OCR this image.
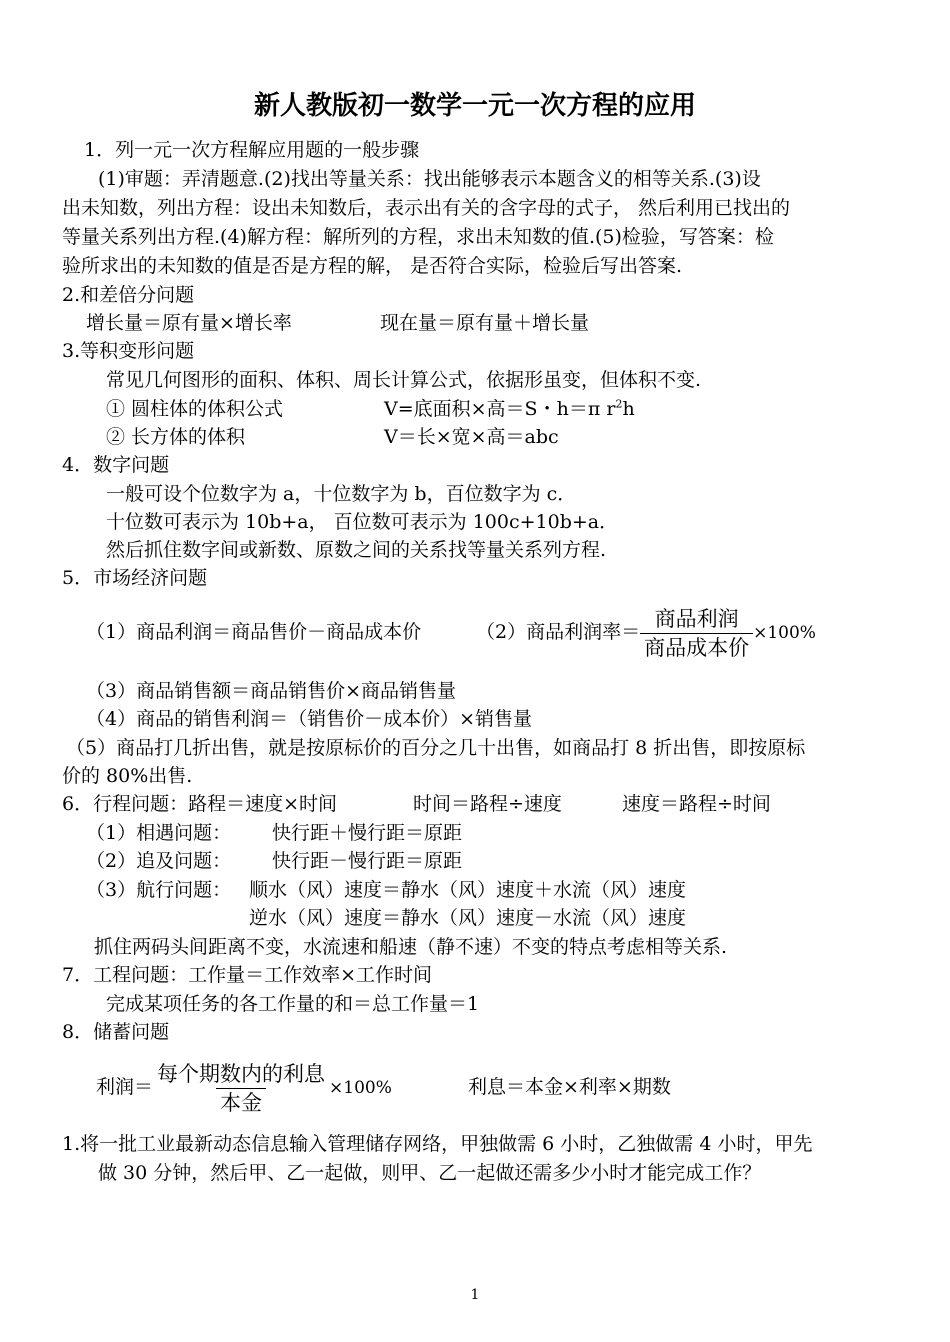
新人教版初一数学一元一次方程的应用
1．列一元一次方程解应用题的一般步骤
(1)审题：弄清题意.(2)找出等量关系：找出能够表示本题含义的相等关系.(3)设
出未知数，列出方程：设出未知数后，表示出有关的含字母的式子， 然后利用已找出的
等量关系列出方程.(4)解方程：解所列的方程，求出未知数的值.(5)检验，写答案：检
验所求出的未知数的值是否是方程的解， 是否符合实际，检验后写出答案.
2.和差倍分问题
增长量＝原有量×增长率	现在量＝原有量＋增长量
3.等积变形问题
常见几何图形的面积、体积、周长计算公式，依据形虽变，但体积不变.
① 圆柱体的体积公式	V=底面积×高＝S・h＝π $r^2h$
② 长方体的体积	V＝长×宽×高＝abc
4．数字问题
一般可设个位数字为 a，十位数字为 b，百位数字为 c．
十位数可表示为 10b+a， 百位数可表示为 100c+10b+a．
然后抓住数字间或新数、原数之间的关系找等量关系列方程.
5．市场经济问题
（1）商品利润＝商品售价－商品成本价	（2）商品利润率＝ $\frac{\text{商品利润}}{\text{商品成本价}} \times 100\%$
（3）商品销售额＝商品销售价×商品销售量
（4）商品的销售利润＝（销售价－成本价）×销售量
（5）商品打几折出售，就是按原标价的百分之几十出售，如商品打 8 折出售，即按原标
价的 80%出售.
6．行程问题：路程＝速度×时间	时间＝路程÷速度	速度＝路程÷时间
（1）相遇问题： 快行距＋慢行距＝原距
（2）追及问题： 快行距－慢行距＝原距
（3）航行问题： 顺水（风）速度＝静水（风）速度＋水流（风）速度
逆水（风）速度＝静水（风）速度－水流（风）速度
抓住两码头间距离不变，水流速和船速（静不速）不变的特点考虑相等关系.
7．工程问题：工作量＝工作效率×工作时间
完成某项任务的各工作量的和＝总工作量＝1
8．储蓄问题
利润＝ $\frac{\text{每个期数内的利息}}{\text{本金}} \times 100\%$	利息＝本金×利率×期数
1.将一批工业最新动态信息输入管理储存网络，甲独做需 6 小时，乙独做需 4 小时，甲先
做 30 分钟，然后甲、乙一起做，则甲、乙一起做还需多少小时才能完成工作？
1
